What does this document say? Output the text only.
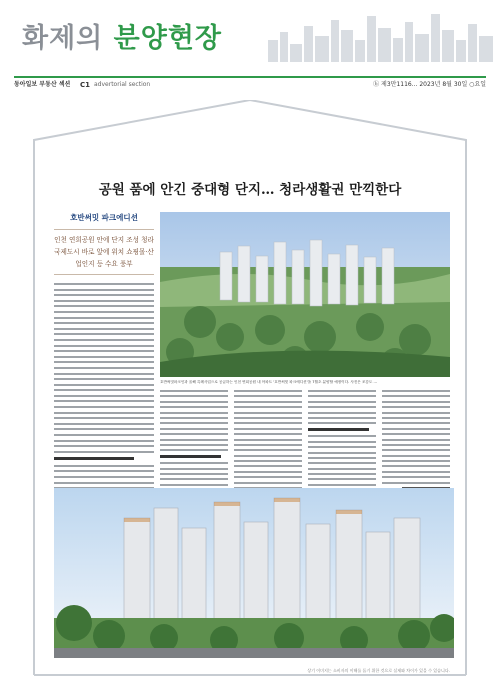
화제의 분양현장
동아일보 부동산 섹션 C1 advertorial section	ⓑ 제3만1116... 2023년 8월 30일 ○요일
공원 품에 안긴 중대형 단지… 청라생활권 만끽한다
호반써밋 파크에디션
인천 연희공원 안에 단지 조성 청라국제도시 바로 앞에 위치 쇼핑몰·산업인지 등 수요 풍부
호반써밋파크인과 올해 특례사업으로 공급하는 인천 연희공원 내 아파트 '호반써밋 파크에디션'을 7월초 분양할 예정이다. 사진은 조감도 ...
상기 이미지는 소비자의 이해를 돕기 위한 것으로 실제와 차이가 있을 수 있습니다.
